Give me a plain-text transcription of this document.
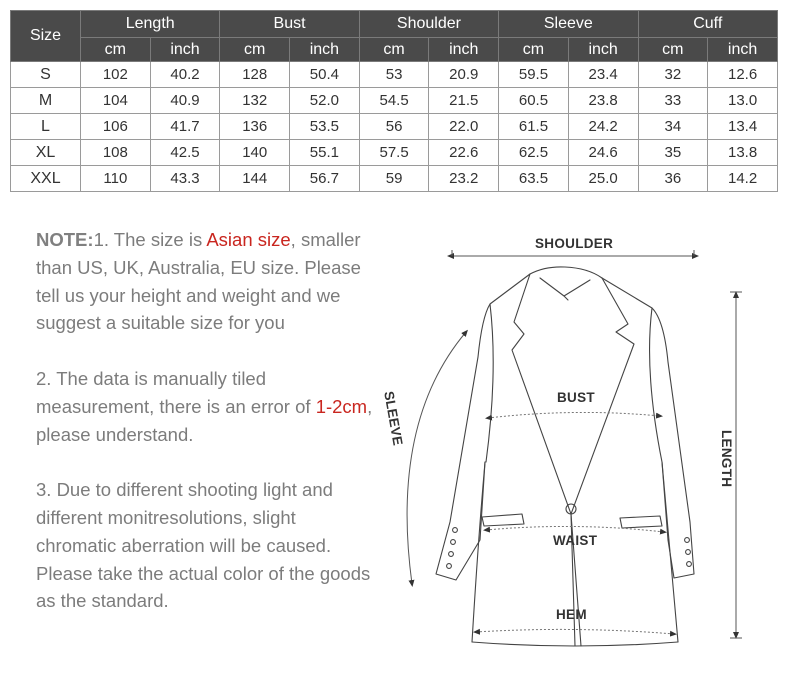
Size	Length		Bust		Shoulder		Sleeve		Cuff	
	cm	inch	cm	inch	cm	inch	cm	inch	cm	inch
S	102	40.2	128	50.4	53	20.9	59.5	23.4	32	12.6
M	104	40.9	132	52.0	54.5	21.5	60.5	23.8	33	13.0
L	106	41.7	136	53.5	56	22.0	61.5	24.2	34	13.4
XL	108	42.5	140	55.1	57.5	22.6	62.5	24.6	35	13.8
XXL	110	43.3	144	56.7	59	23.2	63.5	25.0	36	14.2

NOTE:1. The size is Asian size, smaller than US, UK, Australia, EU size. Please tell us your height and weight and we suggest a suitable size for you

2. The data is manually tiled measurement, there is an error of 1-2cm, please understand.

3. Due to different shooting light and different monitresolutions, slight chromatic aberration will be caused. Please take the actual color of the goods as the standard.

SHOULDER
BUST
WAIST
HEM
LENGTH
SLEEVE
